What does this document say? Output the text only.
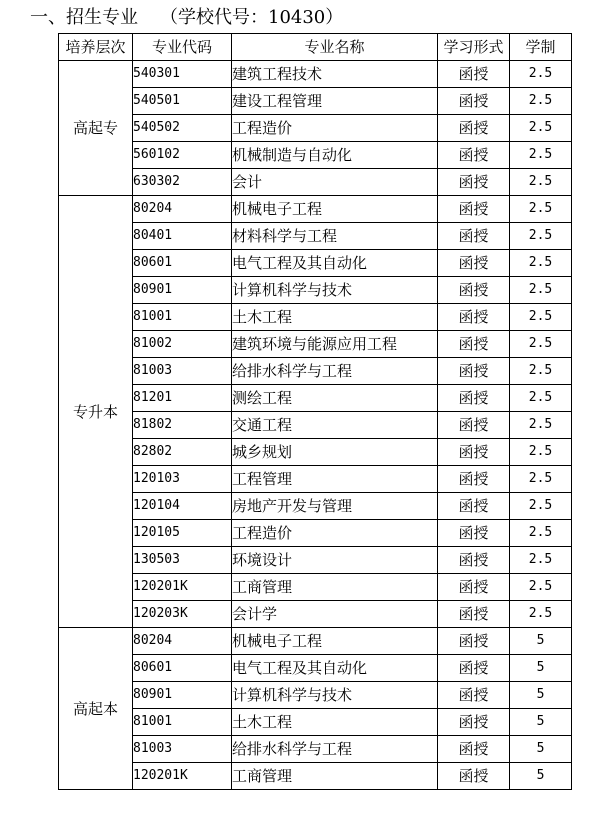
一、招生专业 （学校代号：10430）
培养层次	专业代码	专业名称	学习形式	学制
高起专	540301	建筑工程技术	函授	2.5
	540501	建设工程管理	函授	2.5
	540502	工程造价	函授	2.5
	560102	机械制造与自动化	函授	2.5
	630302	会计	函授	2.5
专升本	80204	机械电子工程	函授	2.5
	80401	材料科学与工程	函授	2.5
	80601	电气工程及其自动化	函授	2.5
	80901	计算机科学与技术	函授	2.5
	81001	土木工程	函授	2.5
	81002	建筑环境与能源应用工程	函授	2.5
	81003	给排水科学与工程	函授	2.5
	81201	测绘工程	函授	2.5
	81802	交通工程	函授	2.5
	82802	城乡规划	函授	2.5
	120103	工程管理	函授	2.5
	120104	房地产开发与管理	函授	2.5
	120105	工程造价	函授	2.5
	130503	环境设计	函授	2.5
	120201K	工商管理	函授	2.5
	120203K	会计学	函授	2.5
高起本	80204	机械电子工程	函授	5
	80601	电气工程及其自动化	函授	5
	80901	计算机科学与技术	函授	5
	81001	土木工程	函授	5
	81003	给排水科学与工程	函授	5
	120201K	工商管理	函授	5
